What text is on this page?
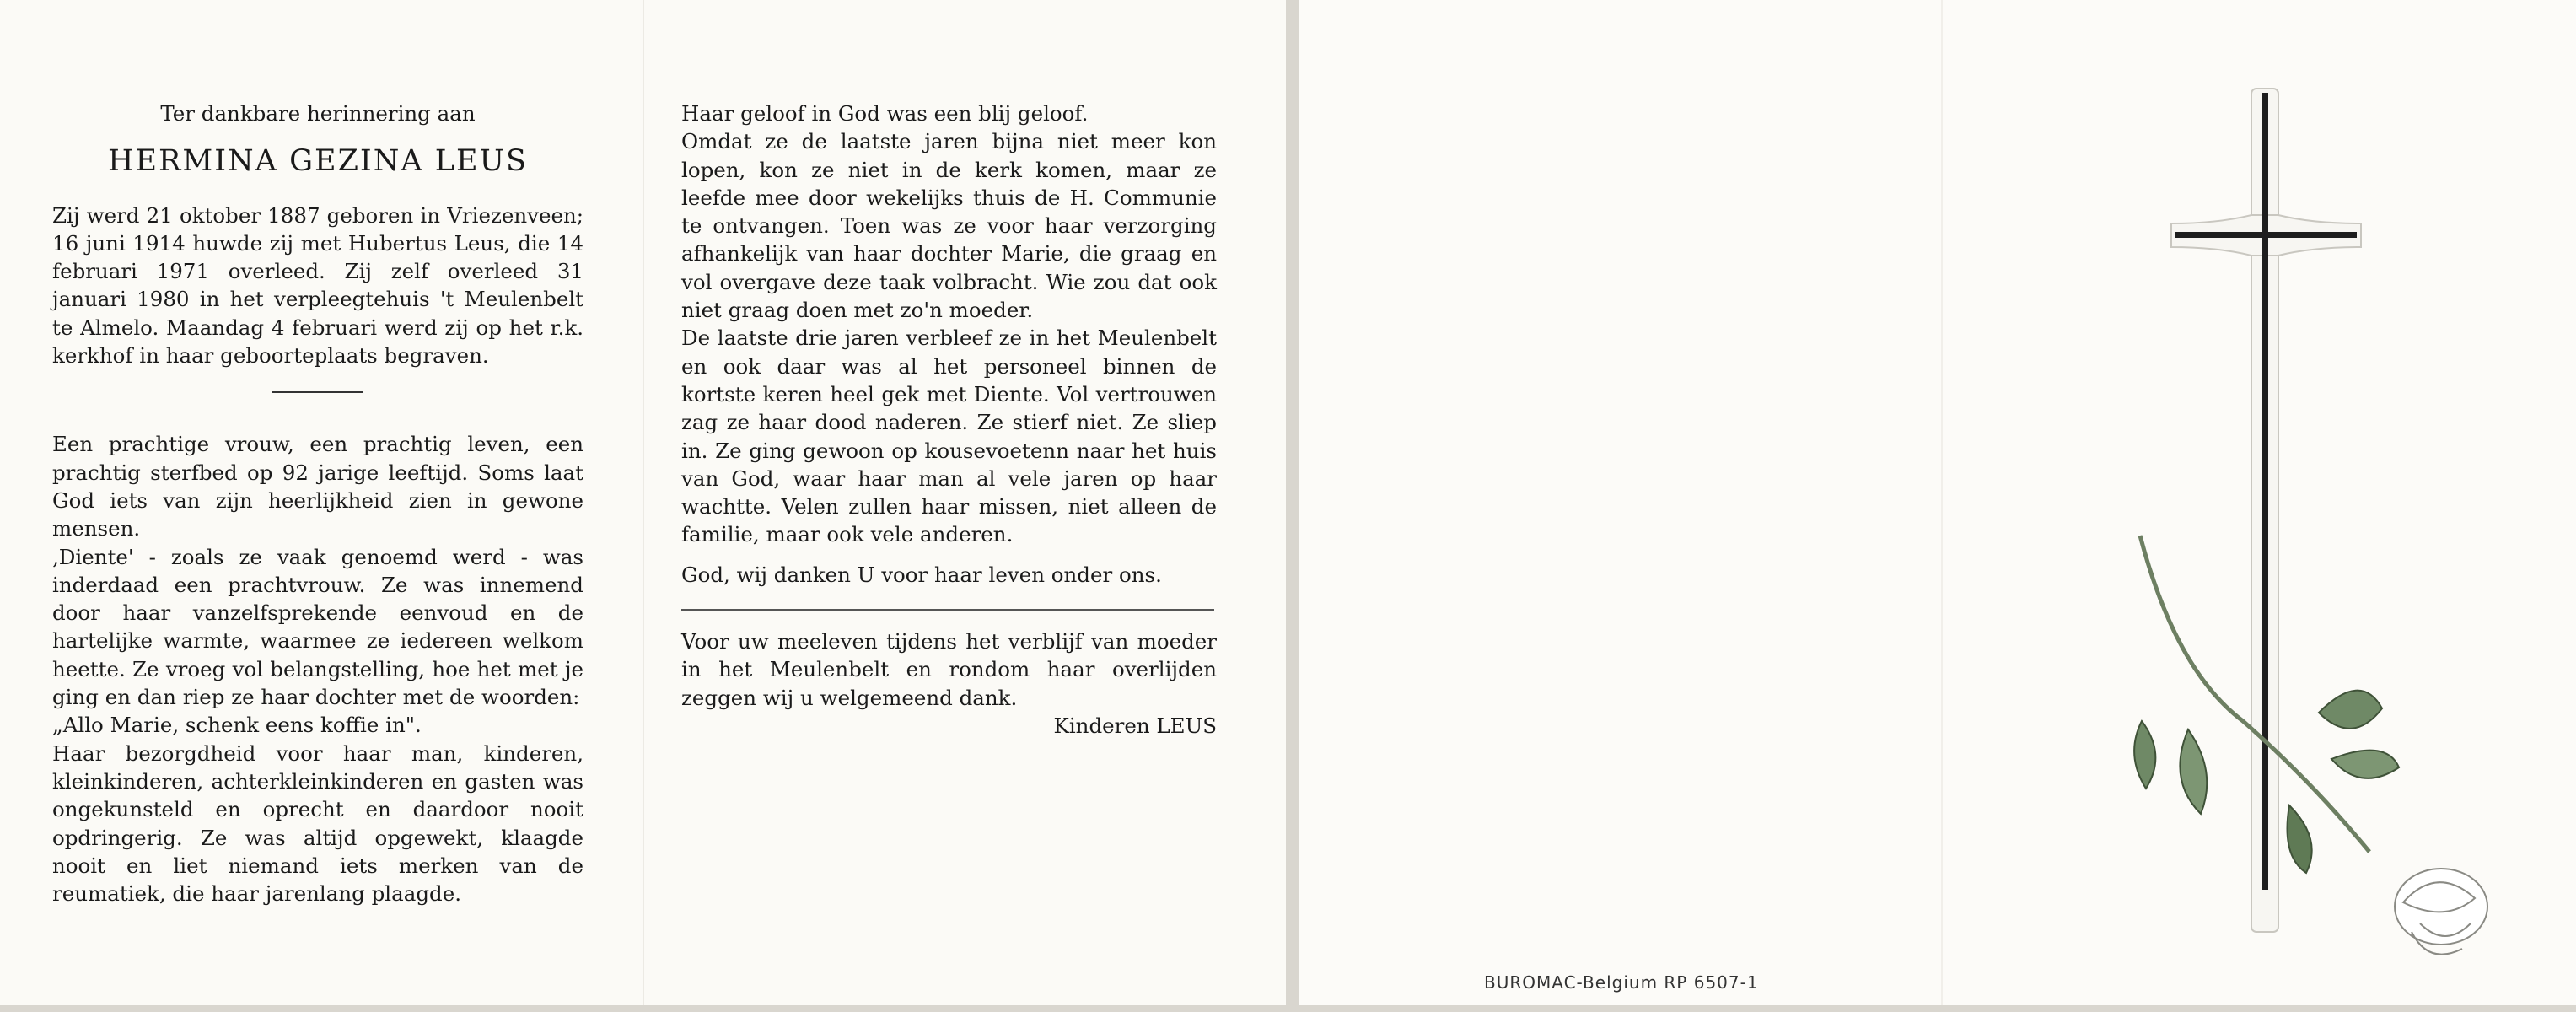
Ter dankbare herinnering aan

HERMINA GEZINA LEUS

Zij werd 21 oktober 1887 geboren in Vriezenveen; 16 juni 1914 huwde zij met Hubertus Leus, die 14 februari 1971 overleed. Zij zelf overleed 31 januari 1980 in het verpleegtehuis 't Meulenbelt te Almelo. Maandag 4 februari werd zij op het r.k. kerkhof in haar geboorteplaats begraven.

Een prachtige vrouw, een prachtig leven, een prachtig sterfbed op 92 jarige leeftijd. Soms laat God iets van zijn heerlijkheid zien in gewone mensen.

‚Diente' - zoals ze vaak genoemd werd - was inderdaad een prachtvrouw. Ze was innemend door haar vanzelfsprekende eenvoud en de hartelijke warmte, waarmee ze iedereen welkom heette. Ze vroeg vol belangstelling, hoe het met je ging en dan riep ze haar dochter met de woorden:

„Allo Marie, schenk eens koffie in".

Haar bezorgdheid voor haar man, kinderen, kleinkinderen, achterkleinkinderen en gasten was ongekunsteld en oprecht en daardoor nooit opdringerig. Ze was altijd opgewekt, klaagde nooit en liet niemand iets merken van de reumatiek, die haar jarenlang plaagde.

Haar geloof in God was een blij geloof.

Omdat ze de laatste jaren bijna niet meer kon lopen, kon ze niet in de kerk komen, maar ze leefde mee door wekelijks thuis de H. Communie te ontvangen. Toen was ze voor haar verzorging afhankelijk van haar dochter Marie, die graag en vol overgave deze taak volbracht. Wie zou dat ook niet graag doen met zo'n moeder.

De laatste drie jaren verbleef ze in het Meulenbelt en ook daar was al het personeel binnen de kortste keren heel gek met Diente. Vol vertrouwen zag ze haar dood naderen. Ze stierf niet. Ze sliep in. Ze ging gewoon op kousevoetenn naar het huis van God, waar haar man al vele jaren op haar wachtte. Velen zullen haar missen, niet alleen de familie, maar ook vele anderen.

God, wij danken U voor haar leven onder ons.

Voor uw meeleven tijdens het verblijf van moeder in het Meulenbelt en rondom haar overlijden zeggen wij u welgemeend dank.

Kinderen LEUS

BUROMAC-Belgium RP 6507-1
